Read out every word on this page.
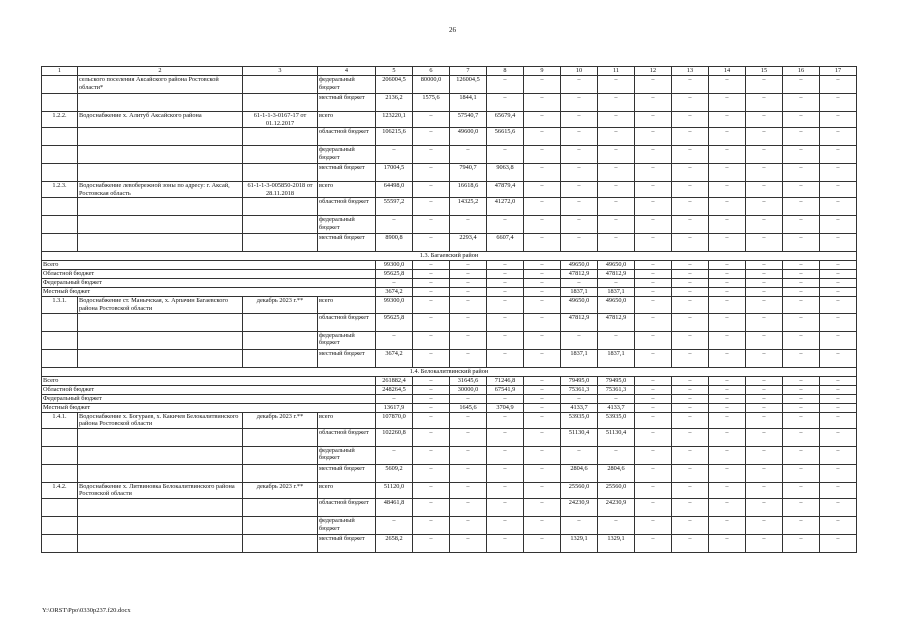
26
1	2	3	4	5	6	7	8	9	10	11	12	13	14	15	16	17
	сельского поселения Аксайского района Ростовской области*		федеральный бюджет	206004,5	80000,0	126004,5	–	–	–	–	–	–	–	–	–	–
			местный бюджет	2136,2	1575,6	1844,1	–	–	–	–	–	–	–	–	–	–
1.2.2.	Водоснабжение х. Алитуб Аксайского района	61-1-1-3-0167-17 от 01.12.2017	всего	123220,1	–	57540,7	65679,4	–	–	–	–	–	–	–	–	–
			областной бюджет	106215,6	–	49600,0	56615,6	–	–	–	–	–	–	–	–	–
			федеральный бюджет	–	–	–	–	–	–	–	–	–	–	–	–	–
			местный бюджет	17004,5	–	7940,7	9063,8	–	–	–	–	–	–	–	–	–
1.2.3.	Водоснабжение левобережной зоны по адресу: г. Аксай, Ростовская область	61-1-1-3-005850-2018 от 28.11.2018	всего	64498,0	–	16618,6	47879,4	–	–	–	–	–	–	–	–	–
			областной бюджет	55597,2	–	14325,2	41272,0	–	–	–	–	–	–	–	–	–
			федеральный бюджет	–	–	–	–	–	–	–	–	–	–	–	–	–
			местный бюджет	8900,8	–	2293,4	6607,4	–	–	–	–	–	–	–	–	–
1.3. Багаевский район																
Всего				99300,0	–	–	–	–	49650,0	49650,0	–	–	–	–	–	–
Областной бюджет				95625,8	–	–	–	–	47812,9	47812,9	–	–	–	–	–	–
Федеральный бюджет				–	–	–	–	–	–	–	–	–	–	–	–	–
Местный бюджет				3674,2	–	–	–	–	1837,1	1837,1	–	–	–	–	–	–
1.3.1.	Водоснабжение ст. Манычская, х. Арпачин Багаевского района Ростовской области	декабрь 2023 г.**	всего	99300,0	–	–	–	–	49650,0	49650,0	–	–	–	–	–	–
			областной бюджет	95625,8	–	–	–	–	47812,9	47812,9	–	–	–	–	–	–
			федеральный бюджет	–	–	–	–	–	–	–	–	–	–	–	–	–
			местный бюджет	3674,2	–	–	–	–	1837,1	1837,1	–	–	–	–	–	–
1.4. Белокалитвинский район																
Всего				261882,4	–	31645,6	71246,8	–	79495,0	79495,0	–	–	–	–	–	–
Областной бюджет				248264,5	–	30000,0	67541,9	–	75361,3	75361,3	–	–	–	–	–	–
Федеральный бюджет				–	–	–	–	–	–	–	–	–	–	–	–	–
Местный бюджет				13617,9	–	1645,6	3704,9	–	4133,7	4133,7	–	–	–	–	–	–
1.4.1.	Водоснабжение х. Богураев, х. Какичев Белокалитвинского района Ростовской области	декабрь 2023 г.**	всего	107870,0	–	–	–	–	53935,0	53935,0	–	–	–	–	–	–
			областной бюджет	102260,8	–	–	–	–	51130,4	51130,4	–	–	–	–	–	–
			федеральный бюджет	–	–	–	–	–	–	–	–	–	–	–	–	–
			местный бюджет	5609,2	–	–	–	–	2804,6	2804,6	–	–	–	–	–	–
1.4.2.	Водоснабжение х. Литвиновка Белокалитвинского района Ростовской области	декабрь 2023 г.**	всего	51120,0	–	–	–	–	25560,0	25560,0	–	–	–	–	–	–
			областной бюджет	48461,8	–	–	–	–	24230,9	24230,9	–	–	–	–	–	–
			федеральный бюджет	–	–	–	–	–	–	–	–	–	–	–	–	–
			местный бюджет	2658,2	–	–	–	–	1329,1	1329,1	–	–	–	–	–	–
Y:\ORST\Ppo\0330p237.f20.docx
